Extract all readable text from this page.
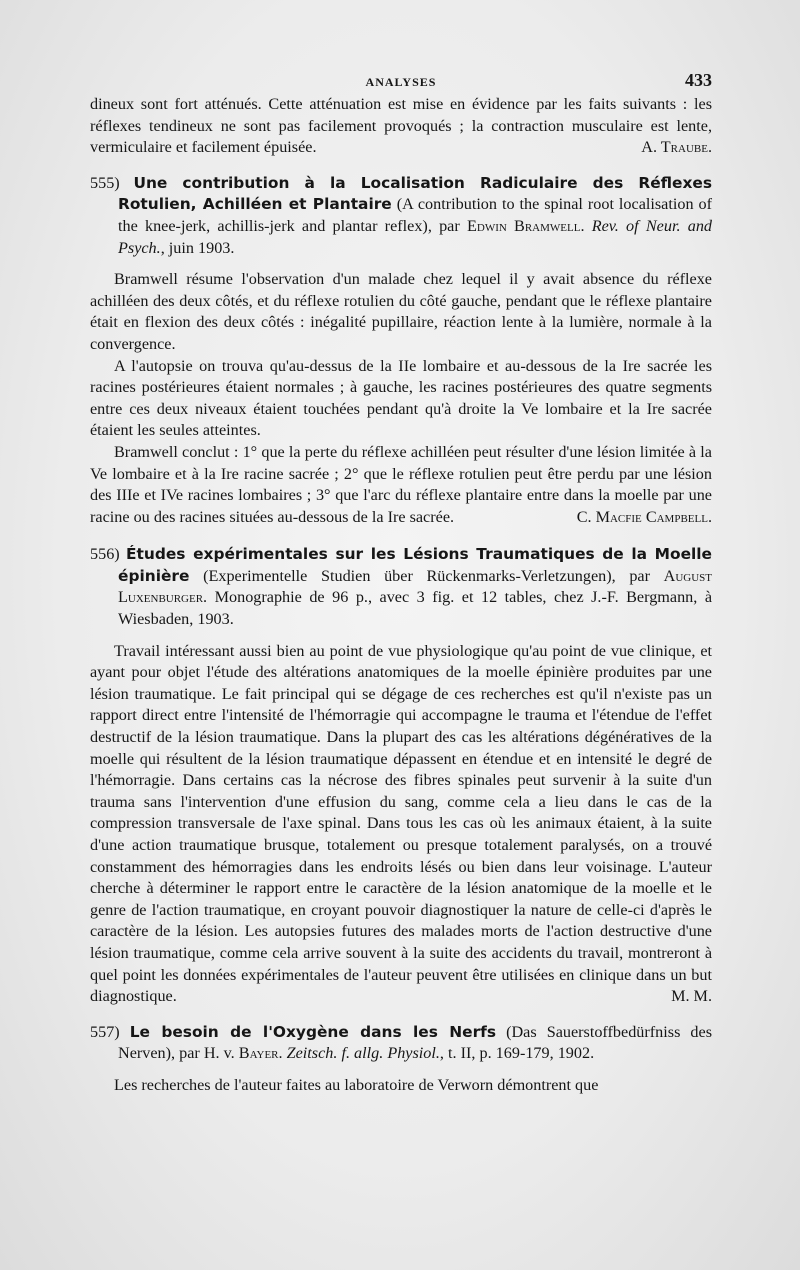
ANALYSES	433

dineux sont fort atténués. Cette atténuation est mise en évidence par les faits suivants : les réflexes tendineux ne sont pas facilement provoqués ; la contraction musculaire est lente, vermiculaire et facilement épuisée.	A. Traube.

555) Une contribution à la Localisation Radiculaire des Réflexes Rotulien, Achilléen et Plantaire (A contribution to the spinal root localisation of the knee-jerk, achillis-jerk and plantar reflex), par Edwin Bramwell. Rev. of Neur. and Psych., juin 1903.

Bramwell résume l'observation d'un malade chez lequel il y avait absence du réflexe achilléen des deux côtés, et du réflexe rotulien du côté gauche, pendant que le réflexe plantaire était en flexion des deux côtés : inégalité pupillaire, réaction lente à la lumière, normale à la convergence.

A l'autopsie on trouva qu'au-dessus de la IIe lombaire et au-dessous de la Ire sacrée les racines postérieures étaient normales ; à gauche, les racines postérieures des quatre segments entre ces deux niveaux étaient touchées pendant qu'à droite la Ve lombaire et la Ire sacrée étaient les seules atteintes.

Bramwell conclut : 1° que la perte du réflexe achilléen peut résulter d'une lésion limitée à la Ve lombaire et à la Ire racine sacrée ; 2° que le réflexe rotulien peut être perdu par une lésion des IIIe et IVe racines lombaires ; 3° que l'arc du réflexe plantaire entre dans la moelle par une racine ou des racines situées au-dessous de la Ire sacrée.	C. Macfie Campbell.

556) Études expérimentales sur les Lésions Traumatiques de la Moelle épinière (Experimentelle Studien über Rückenmarks-Verletzungen), par August Luxenburger. Monographie de 96 p., avec 3 fig. et 12 tables, chez J.-F. Bergmann, à Wiesbaden, 1903.

Travail intéressant aussi bien au point de vue physiologique qu'au point de vue clinique, et ayant pour objet l'étude des altérations anatomiques de la moelle épinière produites par une lésion traumatique. Le fait principal qui se dégage de ces recherches est qu'il n'existe pas un rapport direct entre l'intensité de l'hémorragie qui accompagne le trauma et l'étendue de l'effet destructif de la lésion traumatique. Dans la plupart des cas les altérations dégénératives de la moelle qui résultent de la lésion traumatique dépassent en étendue et en intensité le degré de l'hémorragie. Dans certains cas la nécrose des fibres spinales peut survenir à la suite d'un trauma sans l'intervention d'une effusion du sang, comme cela a lieu dans le cas de la compression transversale de l'axe spinal. Dans tous les cas où les animaux étaient, à la suite d'une action traumatique brusque, totalement ou presque totalement paralysés, on a trouvé constamment des hémorragies dans les endroits lésés ou bien dans leur voisinage. L'auteur cherche à déterminer le rapport entre le caractère de la lésion anatomique de la moelle et le genre de l'action traumatique, en croyant pouvoir diagnostiquer la nature de celle-ci d'après le caractère de la lésion. Les autopsies futures des malades morts de l'action destructive d'une lésion traumatique, comme cela arrive souvent à la suite des accidents du travail, montreront à quel point les données expérimentales de l'auteur peuvent être utilisées en clinique dans un but diagnostique.	M. M.

557) Le besoin de l'Oxygène dans les Nerfs (Das Sauerstoffbedürfniss des Nerven), par H. v. Bayer. Zeitsch. f. allg. Physiol., t. II, p. 169-179, 1902.

Les recherches de l'auteur faites au laboratoire de Verworn démontrent que
